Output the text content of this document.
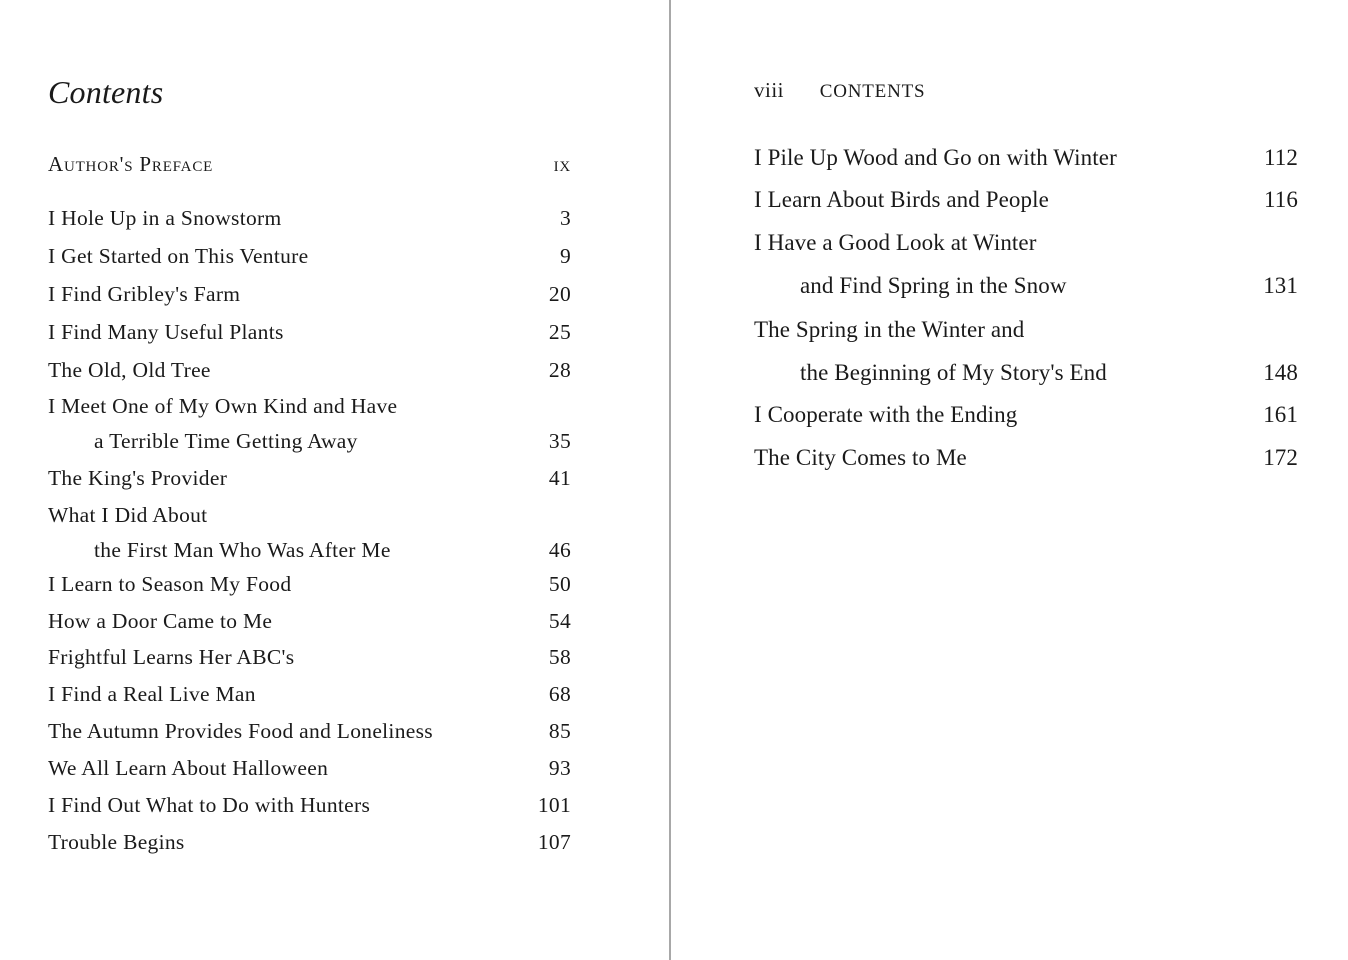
Contents
Author's Preface	ix
I Hole Up in a Snowstorm	3
I Get Started on This Venture	9
I Find Gribley's Farm	20
I Find Many Useful Plants	25
The Old, Old Tree	28
I Meet One of My Own Kind and Have
a Terrible Time Getting Away	35
The King's Provider	41
What I Did About
the First Man Who Was After Me	46
I Learn to Season My Food	50
How a Door Came to Me	54
Frightful Learns Her ABC's	58
I Find a Real Live Man	68
The Autumn Provides Food and Loneliness	85
We All Learn About Halloween	93
I Find Out What to Do with Hunters	101
Trouble Begins	107
viii CONTENTS
I Pile Up Wood and Go on with Winter	112
I Learn About Birds and People	116
I Have a Good Look at Winter
and Find Spring in the Snow	131
The Spring in the Winter and
the Beginning of My Story's End	148
I Cooperate with the Ending	161
The City Comes to Me	172
